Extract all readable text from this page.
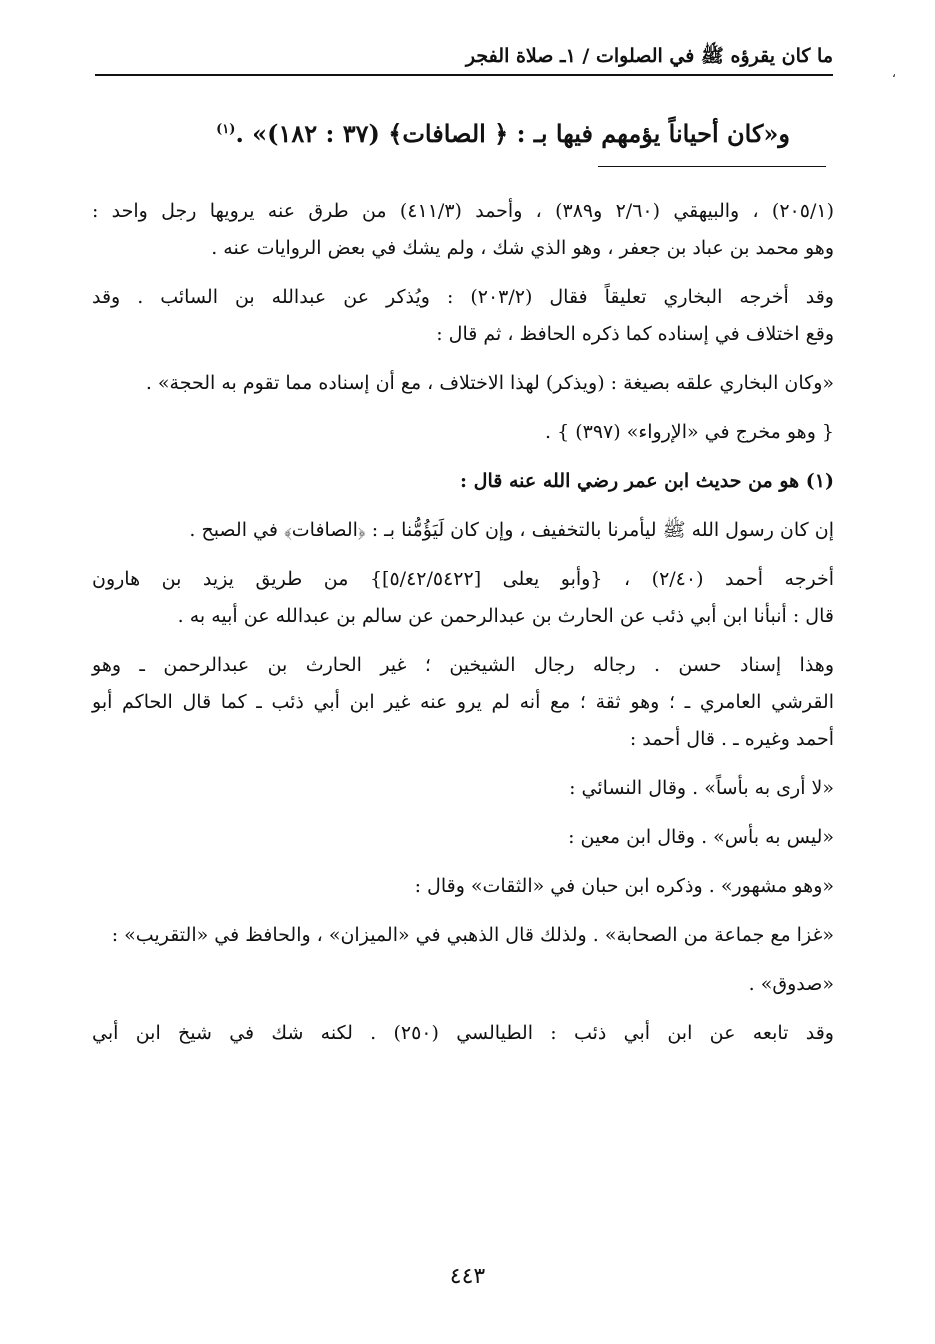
ما كان يقرؤه ﷺ في الصلوات / ١ـ صلاة الفجر
،
و«كان أحياناً يؤمهم فيها بـ : ﴿ الصافات﴾ (٣٧ : ١٨٢)» .$^{(١)}$
(٢٠٥/١) ، والبيهقي (٢/٦٠ و٣٨٩) ، وأحمد (٤١١/٣) من طرق عنه يرويها رجل واحد :
وهو محمد بن عباد بن جعفر ، وهو الذي شك ، ولم يشك في بعض الروايات عنه .
وقد أخرجه البخاري تعليقاً فقال (٢٠٣/٢) : ويُذكر عن عبدالله بن السائب . وقد
وقع اختلاف في إسناده كما ذكره الحافظ ، ثم قال :
«وكان البخاري علقه بصيغة : (ويذكر) لهذا الاختلاف ، مع أن إسناده مما تقوم به الحجة» .
{ وهو مخرج في «الإرواء» (٣٩٧) } .
(١) هو من حديث ابن عمر رضي الله عنه قال :
إن كان رسول الله ﷺ ليأمرنا بالتخفيف ، وإن كان لَيَؤُمُّنا بـ : ﴿الصافات﴾ في الصبح .
أخرجه أحمد (٢/٤٠) ، {وأبو يعلى [٥/٤٢/٥٤٢٢]} من طريق يزيد بن هارون
قال : أنبأنا ابن أبي ذئب عن الحارث بن عبدالرحمن عن سالم بن عبدالله عن أبيه به .
وهذا إسناد حسن . رجاله رجال الشيخين ؛ غير الحارث بن عبدالرحمن ـ وهو
القرشي العامري ـ ؛ وهو ثقة ؛ مع أنه لم يرو عنه غير ابن أبي ذئب ـ كما قال الحاكم أبو
أحمد وغيره ـ . قال أحمد :
«لا أرى به بأساً» . وقال النسائي :
«ليس به بأس» . وقال ابن معين :
«وهو مشهور» . وذكره ابن حبان في «الثقات» وقال :
«غزا مع جماعة من الصحابة» . ولذلك قال الذهبي في «الميزان» ، والحافظ في «التقريب» :
«صدوق» .
وقد تابعه عن ابن أبي ذئب : الطيالسي (٢٥٠) . لكنه شك في شيخ ابن أبي
٤٤٣
